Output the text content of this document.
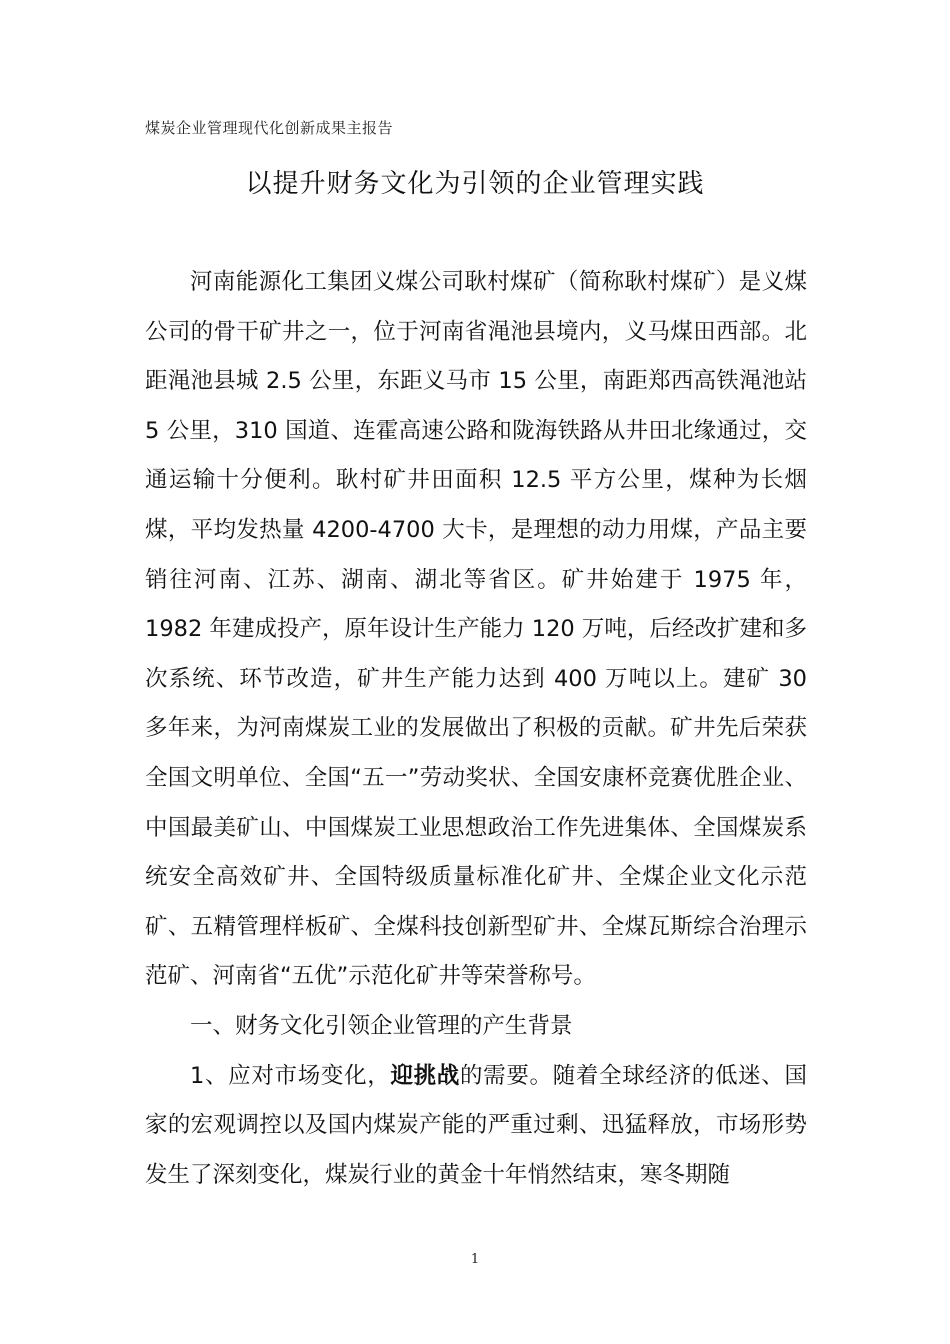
煤炭企业管理现代化创新成果主报告
以提升财务文化为引领的企业管理实践

河南能源化工集团义煤公司耿村煤矿（简称耿村煤矿）是义煤公司的骨干矿井之一，位于河南省渑池县境内，义马煤田西部。北距渑池县城 2.5 公里，东距义马市 15 公里，南距郑西高铁渑池站 5 公里，310 国道、连霍高速公路和陇海铁路从井田北缘通过，交通运输十分便利。耿村矿井田面积 12.5 平方公里，煤种为长烟煤，平均发热量 4200-4700 大卡，是理想的动力用煤，产品主要销往河南、江苏、湖南、湖北等省区。矿井始建于 1975 年，1982 年建成投产，原年设计生产能力 120 万吨，后经改扩建和多次系统、环节改造，矿井生产能力达到 400 万吨以上。建矿 30 多年来，为河南煤炭工业的发展做出了积极的贡献。矿井先后荣获全国文明单位、全国“五一”劳动奖状、全国安康杯竞赛优胜企业、中国最美矿山、中国煤炭工业思想政治工作先进集体、全国煤炭系统安全高效矿井、全国特级质量标准化矿井、全煤企业文化示范矿、五精管理样板矿、全煤科技创新型矿井、全煤瓦斯综合治理示范矿、河南省“五优”示范化矿井等荣誉称号。

一、财务文化引领企业管理的产生背景

1、应对市场变化，迎挑战的需要。随着全球经济的低迷、国家的宏观调控以及国内煤炭产能的严重过剩、迅猛释放，市场形势发生了深刻变化，煤炭行业的黄金十年悄然结束，寒冬期随

1
